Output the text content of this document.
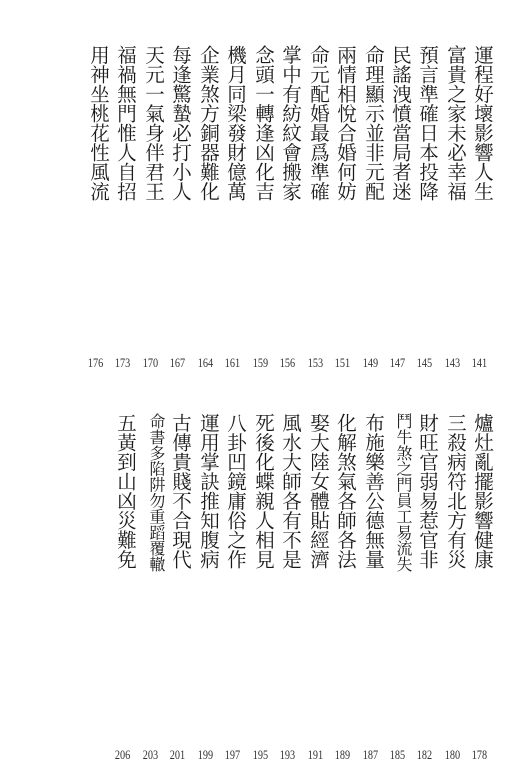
運程好壞影響人生
141
富貴之家未必幸福
143
預言準確日本投降
145
民謠洩憤當局者迷
147
命理顯示並非元配
149
兩情相悅合婚何妨
151
命元配婚最爲準確
153
掌中有紡紋會搬家
156
念頭一轉逢凶化吉
159
機月同梁發財億萬
161
企業煞方銅器難化
164
每逢驚蟄必打小人
167
天元一氣身伴君王
170
福禍無門惟人自招
173
用神坐桃花性風流
176
爐灶亂擺影響健康
178
三殺病符北方有災
180
財旺官弱易惹官非
182
鬥牛煞之門員工易流失
185
布施樂善公德無量
187
化解煞氣各師各法
189
娶大陸女體貼經濟
191
風水大師各有不是
193
死後化蝶親人相見
195
八卦凹鏡庸俗之作
197
運用掌訣推知腹病
199
古傳貴賤不合現代
201
命書多陷阱勿重蹈覆轍
203
五黃到山凶災難免
206
